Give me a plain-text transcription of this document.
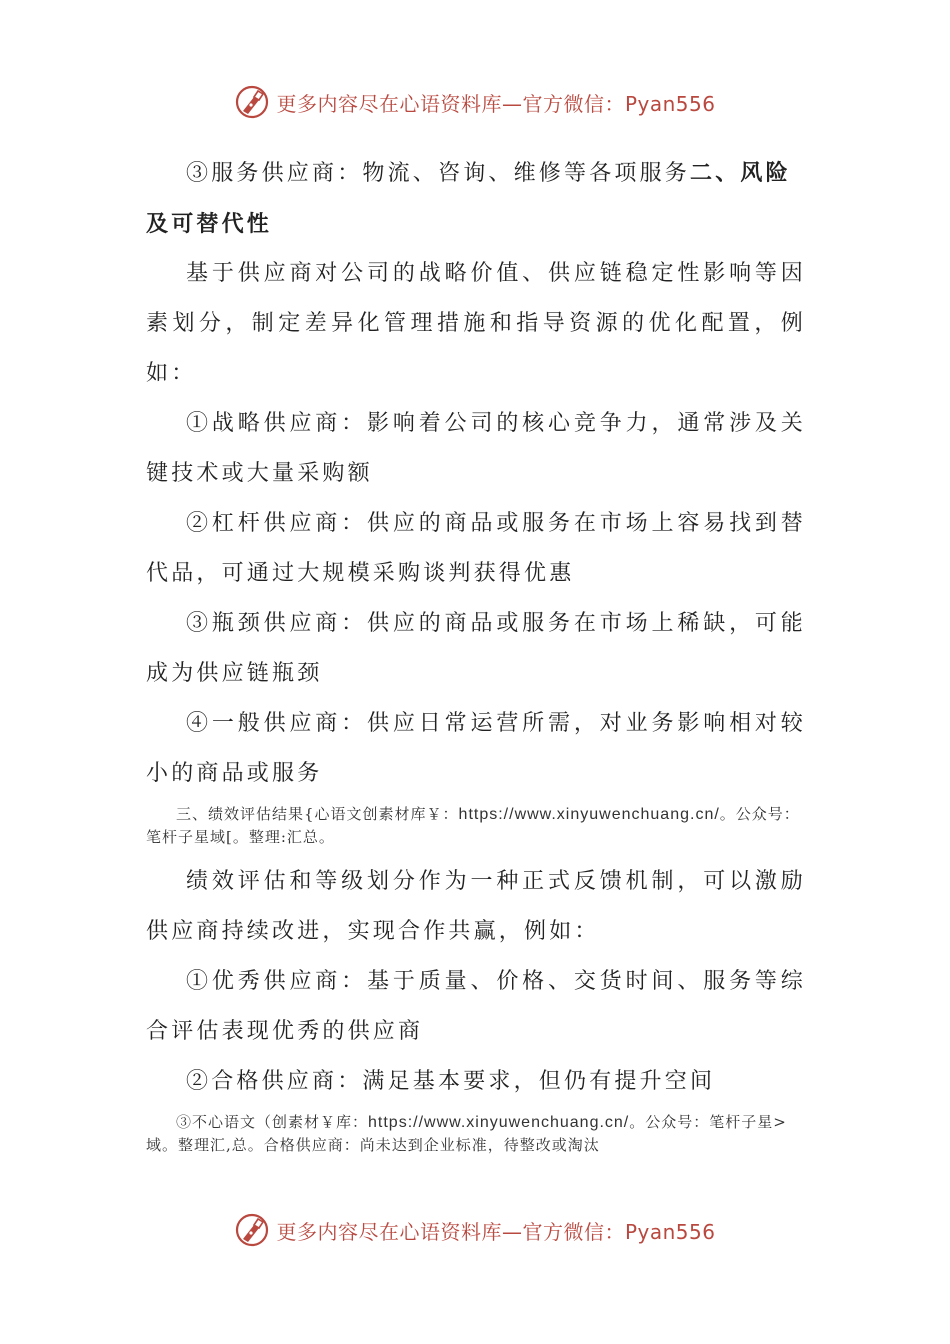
更多内容尽在心语资料库—官方微信：Pyan556

③服务供应商：物流、咨询、维修等各项服务二、风险

及可替代性

基于供应商对公司的战略价值、供应链稳定性影响等因素划分，制定差异化管理措施和指导资源的优化配置，例如：

①战略供应商：影响着公司的核心竞争力，通常涉及关键技术或大量采购额

②杠杆供应商：供应的商品或服务在市场上容易找到替代品，可通过大规模采购谈判获得优惠

③瓶颈供应商：供应的商品或服务在市场上稀缺，可能成为供应链瓶颈

④一般供应商：供应日常运营所需，对业务影响相对较小的商品或服务

三、绩效评估结果{心语文创素材库￥：https://www.xinyuwenchuang.cn/。公众号：笔杆子星域[。整理:汇总。

绩效评估和等级划分作为一种正式反馈机制，可以激励供应商持续改进，实现合作共赢，例如：

①优秀供应商：基于质量、价格、交货时间、服务等综合评估表现优秀的供应商

②合格供应商：满足基本要求，但仍有提升空间

③不心语文（创素材￥库：https://www.xinyuwenchuang.cn/。公众号：笔杆子星>域。整理汇,总。合格供应商：尚未达到企业标准，待整改或淘汰

更多内容尽在心语资料库—官方微信：Pyan556
